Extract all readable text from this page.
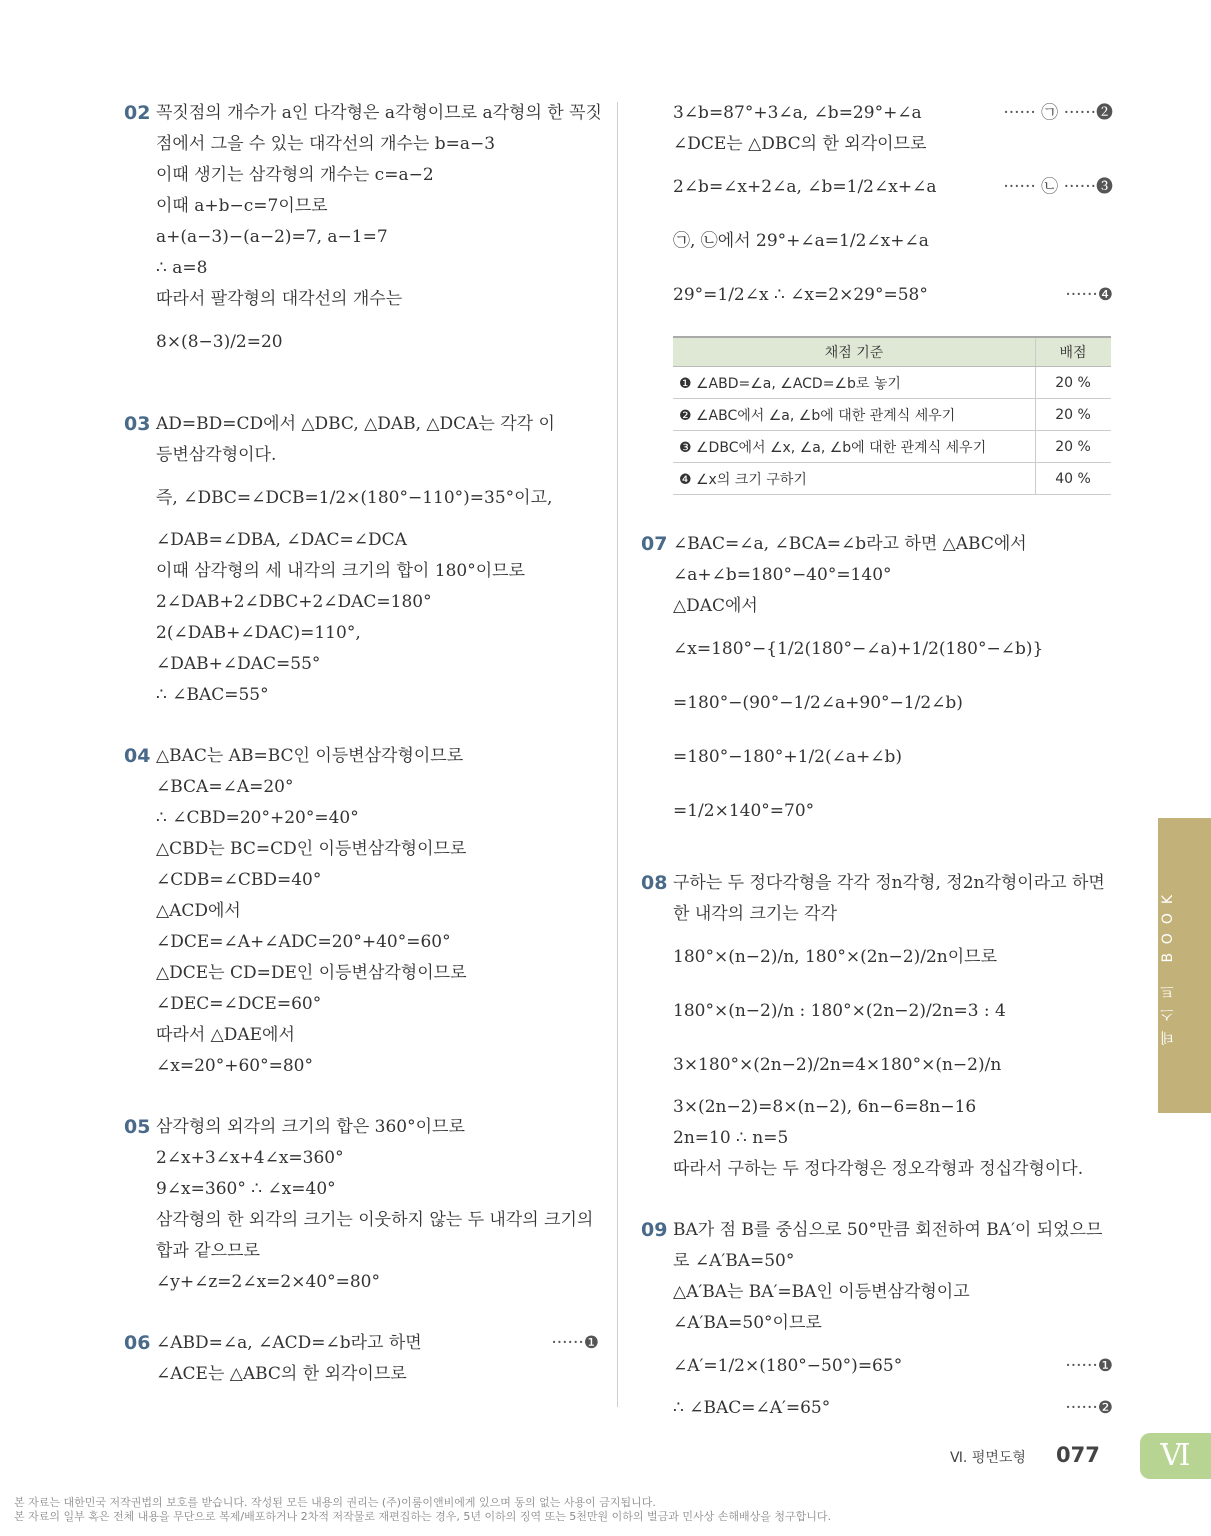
02 꼭짓점의 개수가 a인 다각형은 a각형이므로 a각형의 한 꼭짓
점에서 그을 수 있는 대각선의 개수는 b=a−3
이때 생기는 삼각형의 개수는 c=a−2
이때 a+b−c=7이므로
a+(a−3)−(a−2)=7, a−1=7
∴ a=8
따라서 팔각형의 대각선의 개수는
8×(8−3)/2=20
03 AD=BD=CD에서 △DBC, △DAB, △DCA는 각각 이
등변삼각형이다.
즉, ∠DBC=∠DCB=1/2×(180°−110°)=35°이고,
∠DAB=∠DBA, ∠DAC=∠DCA
이때 삼각형의 세 내각의 크기의 합이 180°이므로
2∠DAB+2∠DBC+2∠DAC=180°
2(∠DAB+∠DAC)=110°,
∠DAB+∠DAC=55°
∴ ∠BAC=55°
04 △BAC는 AB=BC인 이등변삼각형이므로
∠BCA=∠A=20°
∴ ∠CBD=20°+20°=40°
△CBD는 BC=CD인 이등변삼각형이므로
∠CDB=∠CBD=40°
△ACD에서
∠DCE=∠A+∠ADC=20°+40°=60°
△DCE는 CD=DE인 이등변삼각형이므로
∠DEC=∠DCE=60°
따라서 △DAE에서
∠x=20°+60°=80°
05 삼각형의 외각의 크기의 합은 360°이므로
2∠x+3∠x+4∠x=360°
9∠x=360° ∴ ∠x=40°
삼각형의 한 외각의 크기는 이웃하지 않는 두 내각의 크기의
합과 같으므로
∠y+∠z=2∠x=2×40°=80°
06 ∠ABD=∠a, ∠ACD=∠b라고 하면	······❶
∠ACE는 △ABC의 한 외각이므로
3∠b=87°+3∠a, ∠b=29°+∠a	······ ㉠ ······❷
∠DCE는 △DBC의 한 외각이므로
2∠b=∠x+2∠a, ∠b=1/2∠x+∠a	······ ㉡ ······❸
㉠, ㉡에서 29°+∠a=1/2∠x+∠a
29°=1/2∠x ∴ ∠x=2×29°=58°	······❹
채점 기준	배점
❶ ∠ABD=∠a, ∠ACD=∠b로 놓기	20 %
❷ ∠ABC에서 ∠a, ∠b에 대한 관계식 세우기	20 %
❸ ∠DBC에서 ∠x, ∠a, ∠b에 대한 관계식 세우기	20 %
❹ ∠x의 크기 구하기	40 %
07 ∠BAC=∠a, ∠BCA=∠b라고 하면 △ABC에서
∠a+∠b=180°−40°=140°
△DAC에서
∠x=180°−{1/2(180°−∠a)+1/2(180°−∠b)}
=180°−(90°−1/2∠a+90°−1/2∠b)
=180°−180°+1/2(∠a+∠b)
=1/2×140°=70°
08 구하는 두 정다각형을 각각 정n각형, 정2n각형이라고 하면
한 내각의 크기는 각각
180°×(n−2)/n, 180°×(2n−2)/2n이므로
180°×(n−2)/n : 180°×(2n−2)/2n=3 : 4
3×180°×(2n−2)/2n=4×180°×(n−2)/n
3×(2n−2)=8×(n−2), 6n−6=8n−16
2n=10 ∴ n=5
따라서 구하는 두 정다각형은 정오각형과 정십각형이다.
09 BA가 점 B를 중심으로 50°만큼 회전하여 BA′이 되었으므
로 ∠A′BA=50°
△A′BA는 BA′=BA인 이등변삼각형이고
∠A′BA=50°이므로
∠A′=1/2×(180°−50°)=65°	······❶
∴ ∠BAC=∠A′=65°	······❷
테스트 BOOK
Ⅵ. 평면도형 077	Ⅵ
본 자료는 대한민국 저작권법의 보호를 받습니다. 작성된 모든 내용의 권리는 (주)이룸이앤비에게 있으며 동의 없는 사용이 금지됩니다.
본 자료의 일부 혹은 전체 내용을 무단으로 복제/배포하거나 2차적 저작물로 재편집하는 경우, 5년 이하의 징역 또는 5천만원 이하의 벌금과 민사상 손해배상을 청구합니다.
